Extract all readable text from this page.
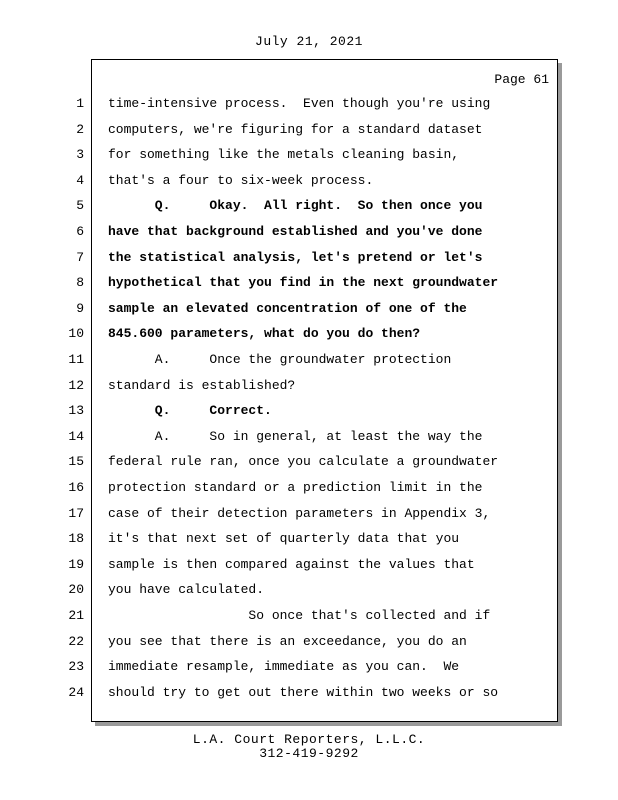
July 21, 2021
Page 61
1 time-intensive process.  Even though you're using
2 computers, we're figuring for a standard dataset
3 for something like the metals cleaning basin,
4 that's a four to six-week process.
5 Q.     Okay.  All right.  So then once you
6 have that background established and you've done
7 the statistical analysis, let's pretend or let's
8 hypothetical that you find in the next groundwater
9 sample an elevated concentration of one of the
10 845.600 parameters, what do you do then?
11 A.     Once the groundwater protection
12 standard is established?
13 Q.     Correct.
14 A.     So in general, at least the way the
15 federal rule ran, once you calculate a groundwater
16 protection standard or a prediction limit in the
17 case of their detection parameters in Appendix 3,
18 it's that next set of quarterly data that you
19 sample is then compared against the values that
20 you have calculated.
21 So once that's collected and if
22 you see that there is an exceedance, you do an
23 immediate resample, immediate as you can.  We
24 should try to get out there within two weeks or so
L.A. Court Reporters, L.L.C.
312-419-9292
